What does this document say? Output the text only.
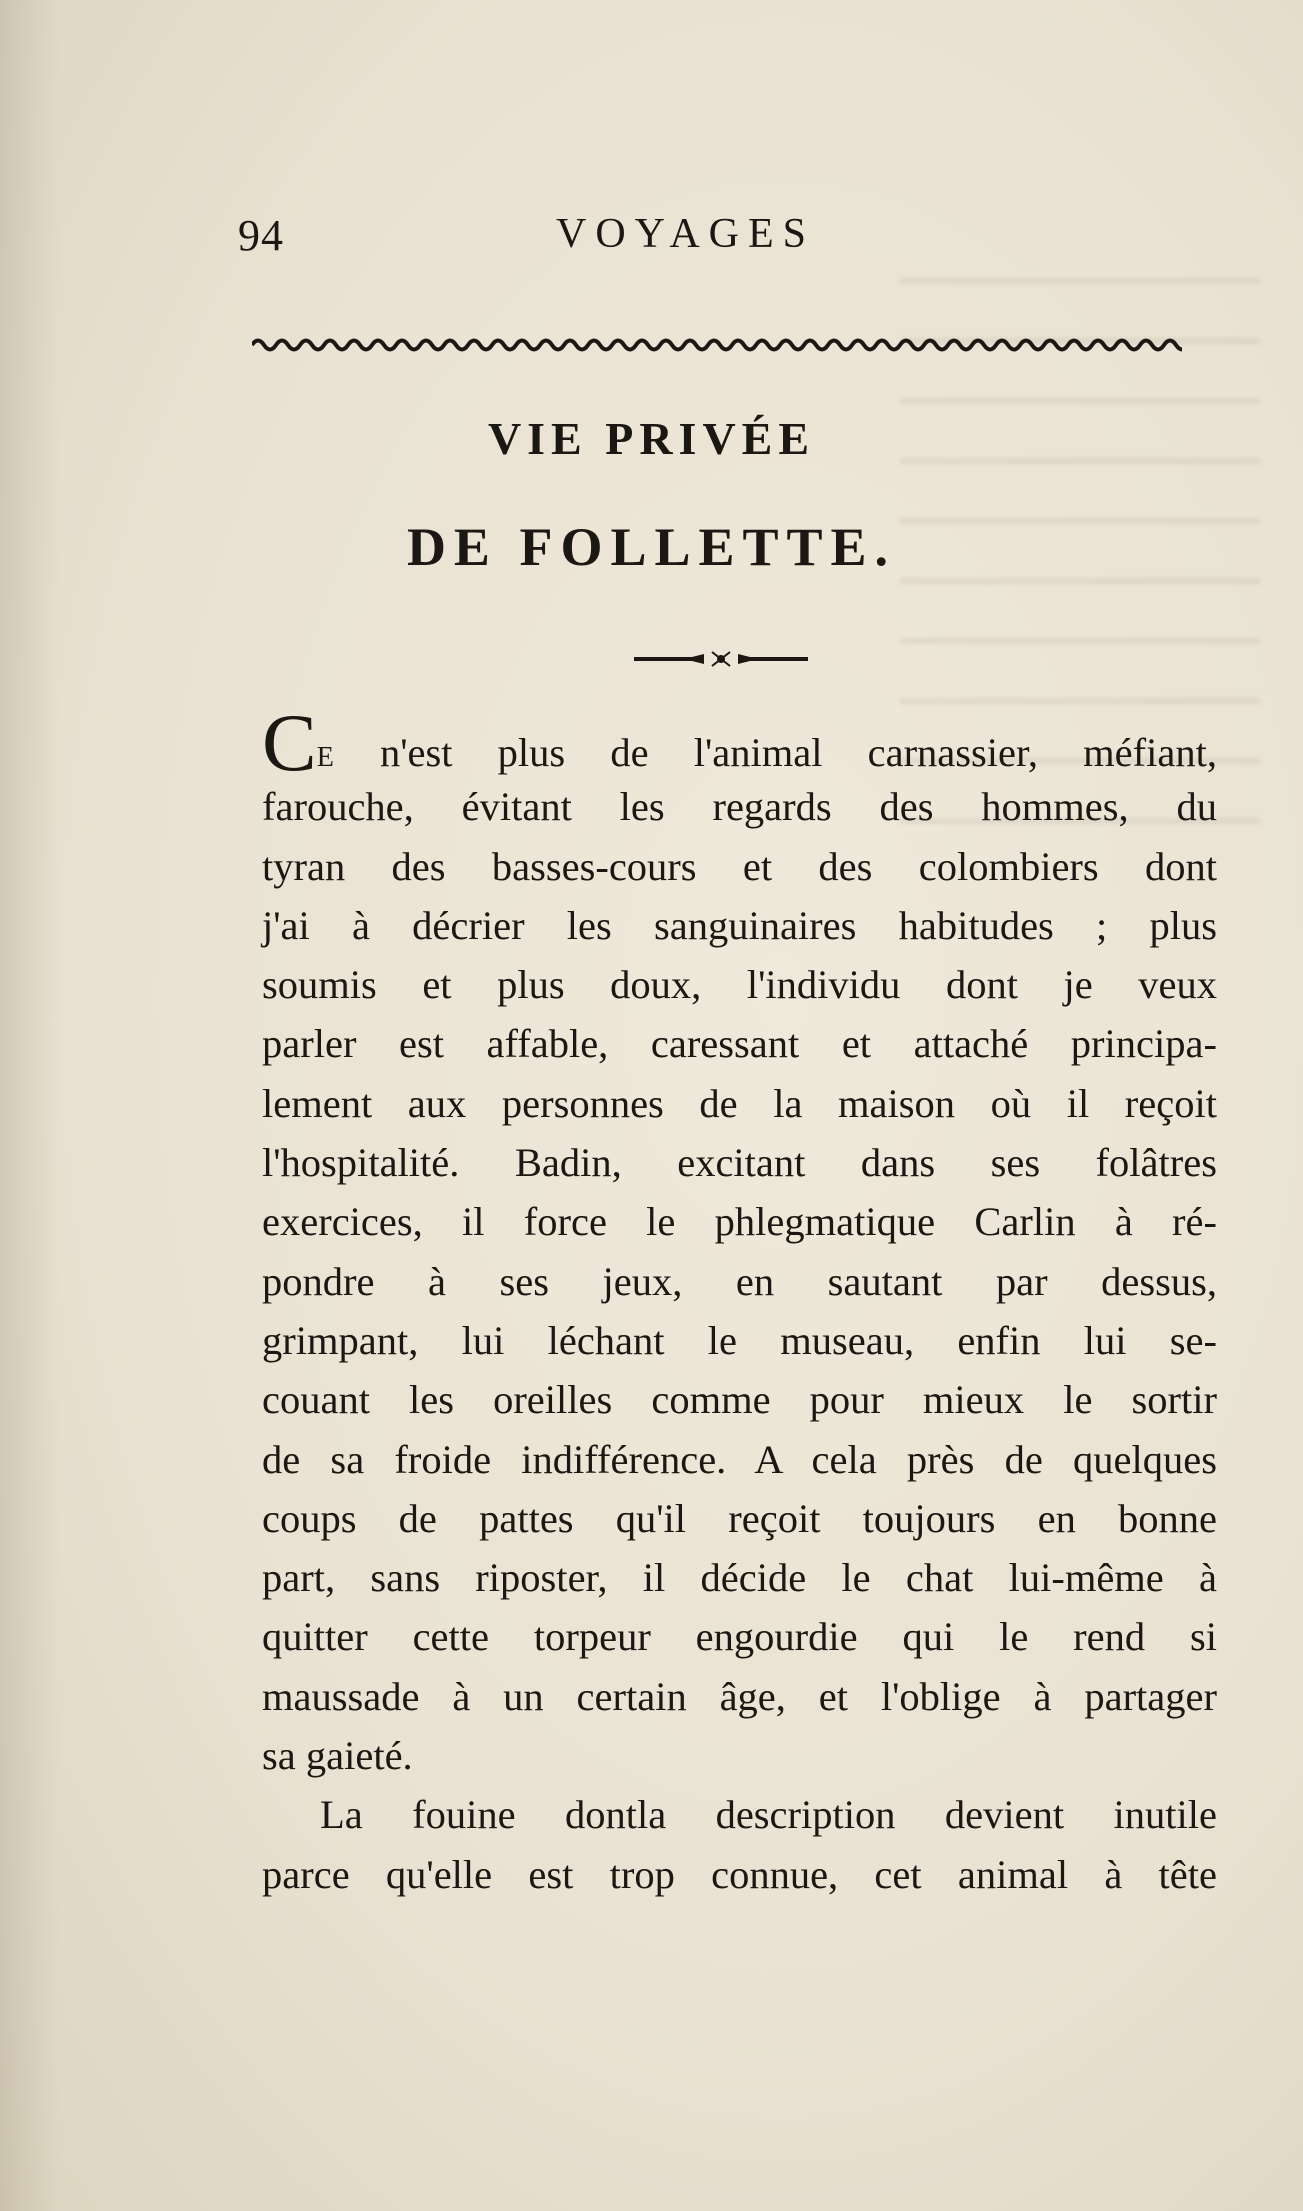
94	VOYAGES
VIE PRIVÉE
DE FOLLETTE.
CE n'est plus de l'animal carnassier, méfiant,
farouche, évitant les regards des hommes, du
tyran des basses-cours et des colombiers dont
j'ai à décrier les sanguinaires habitudes ; plus
soumis et plus doux, l'individu dont je veux
parler est affable, caressant et attaché principa-
lement aux personnes de la maison où il reçoit
l'hospitalité. Badin, excitant dans ses folâtres
exercices, il force le phlegmatique Carlin à ré-
pondre à ses jeux, en sautant par dessus,
grimpant, lui léchant le museau, enfin lui se-
couant les oreilles comme pour mieux le sortir
de sa froide indifférence. A cela près de quelques
coups de pattes qu'il reçoit toujours en bonne
part, sans riposter, il décide le chat lui-même à
quitter cette torpeur engourdie qui le rend si
maussade à un certain âge, et l'oblige à partager
sa gaieté.
La fouine dontla description devient inutile
parce qu'elle est trop connue, cet animal à tête
